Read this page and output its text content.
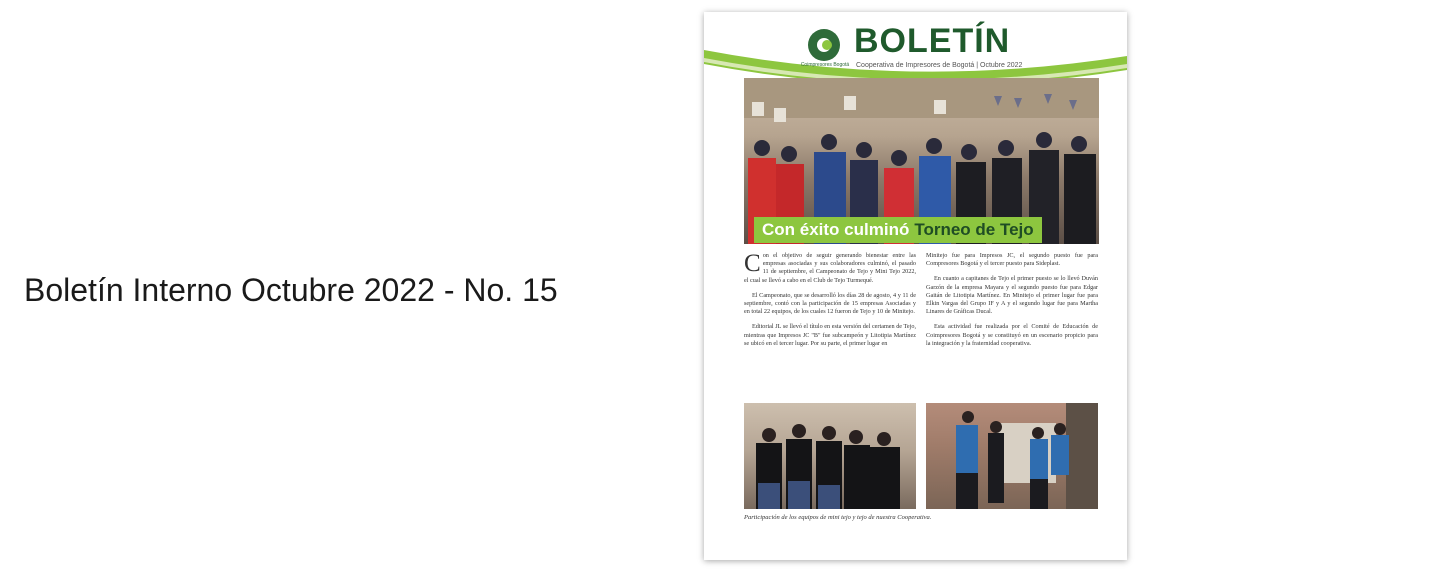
Boletín Interno Octubre 2022 - No. 15
Coimpresores Bogotá
BOLETÍN
Cooperativa de Impresores de Bogotá | Octubre 2022
Con éxito culminó Torneo de Tejo

Con el objetivo de seguir generando bienestar entre las empresas asociadas y sus colaboradores culminó, el pasado 11 de septiembre, el Campeonato de Tejo y Mini Tejo 2022, el cual se llevó a cabo en el Club de Tejo Turmequé.

El Campeonato, que se desarrolló los días 28 de agosto, 4 y 11 de septiembre, contó con la participación de 15 empresas Asociadas y en total 22 equipos, de los cuales 12 fueron de Tejo y 10 de Minitejo.

Editorial JL se llevó el título en esta versión del certamen de Tejo, mientras que Impresos JC "B" fue subcampeón y Litotipia Martínez se ubicó en el tercer lugar. Por su parte, el primer lugar en

Minitejo fue para Impresos JC, el segundo puesto fue para Compresores Bogotá y el tercer puesto para Sideplast.

En cuanto a capitanes de Tejo el primer puesto se lo llevó Duván Garzón de la empresa Mayara y el segundo puesto fue para Edgar Gaitán de Litotipia Martínez. En Minitejo el primer lugar fue para Elkin Vargas del Grupo IF y A y el segundo lugar fue para Martha Linares de Gráficas Ducal.

Esta actividad fue realizada por el Comité de Educación de Coimpresores Bogotá y se constituyó en un escenario propicio para la integración y la fraternidad cooperativa.

Participación de los equipos de mini tejo y tejo de nuestra Cooperativa.
